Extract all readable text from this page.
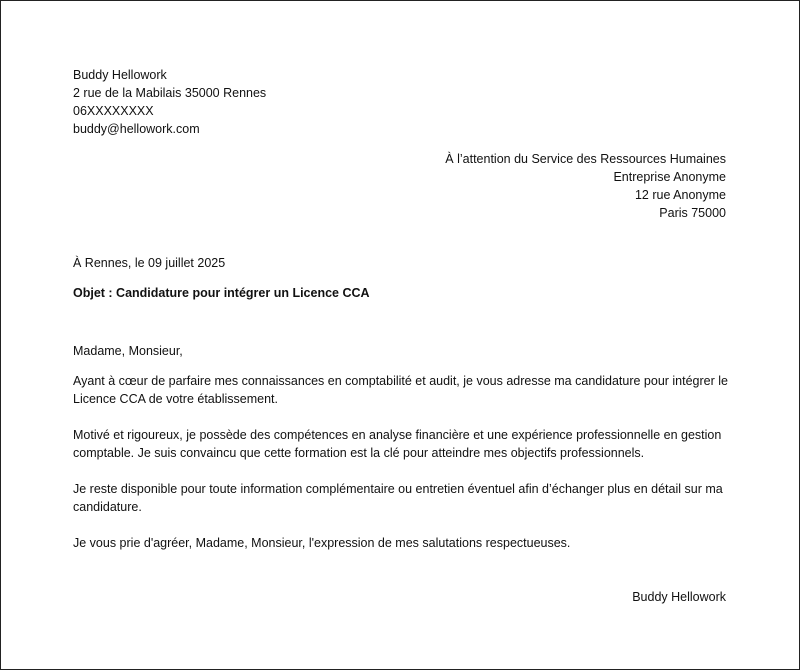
Buddy Hellowork
2 rue de la Mabilais 35000 Rennes
06XXXXXXXX
buddy@hellowork.com
À l’attention du Service des Ressources Humaines
Entreprise Anonyme
12 rue Anonyme
Paris 75000
À Rennes, le 09 juillet 2025
Objet : Candidature pour intégrer un Licence CCA
Madame, Monsieur,
Ayant à cœur de parfaire mes connaissances en comptabilité et audit, je vous adresse ma candidature pour intégrer le Licence CCA de votre établissement.
Motivé et rigoureux, je possède des compétences en analyse financière et une expérience professionnelle en gestion comptable. Je suis convaincu que cette formation est la clé pour atteindre mes objectifs professionnels.
Je reste disponible pour toute information complémentaire ou entretien éventuel afin d’échanger plus en détail sur ma candidature.
Je vous prie d'agréer, Madame, Monsieur, l'expression de mes salutations respectueuses.
Buddy Hellowork
